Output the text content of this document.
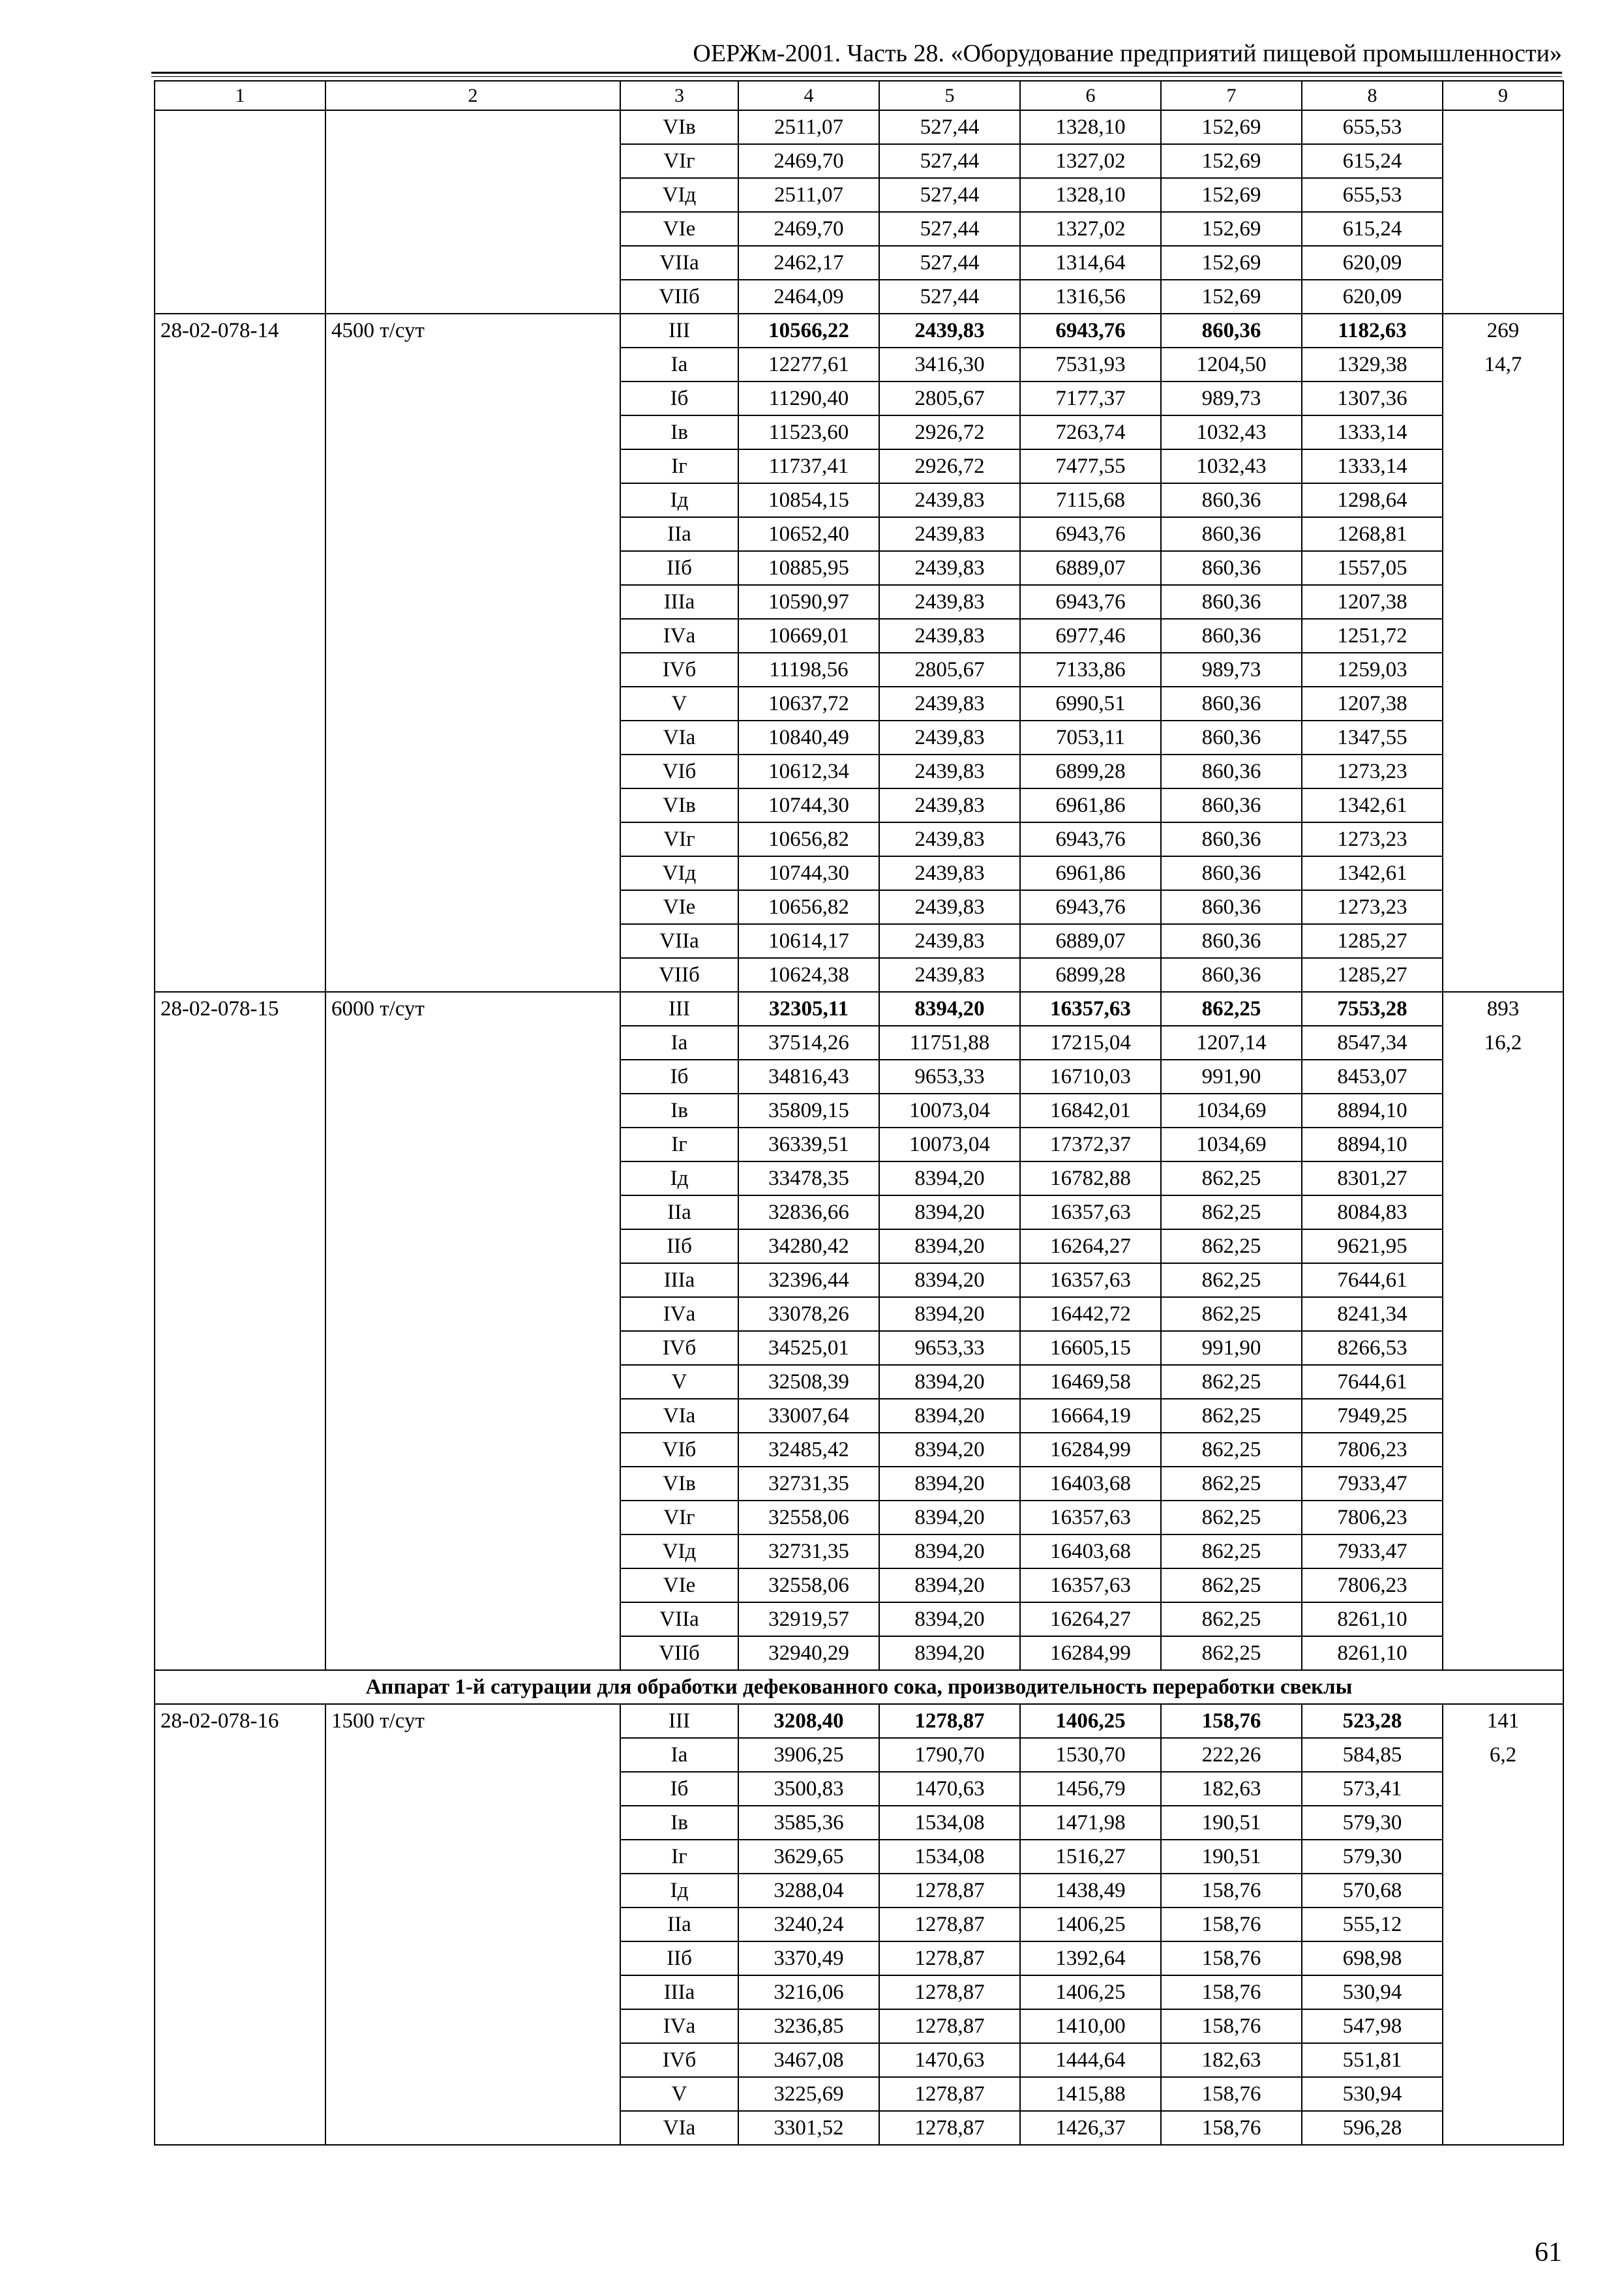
ОЕРЖм-2001. Часть 28. «Оборудование предприятий пищевой промышленности»
1	2	3	4	5	6	7	8	9
		VIв	2511,07	527,44	1328,10	152,69	655,53	
		VIг	2469,70	527,44	1327,02	152,69	615,24	
		VIд	2511,07	527,44	1328,10	152,69	655,53	
		VIе	2469,70	527,44	1327,02	152,69	615,24	
		VIIа	2462,17	527,44	1314,64	152,69	620,09	
		VIIб	2464,09	527,44	1316,56	152,69	620,09	
28-02-078-14	4500 т/сут	III	10566,22	2439,83	6943,76	860,36	1182,63	269
		Iа	12277,61	3416,30	7531,93	1204,50	1329,38	14,7
		Iб	11290,40	2805,67	7177,37	989,73	1307,36	
		Iв	11523,60	2926,72	7263,74	1032,43	1333,14	
		Iг	11737,41	2926,72	7477,55	1032,43	1333,14	
		Iд	10854,15	2439,83	7115,68	860,36	1298,64	
		IIа	10652,40	2439,83	6943,76	860,36	1268,81	
		IIб	10885,95	2439,83	6889,07	860,36	1557,05	
		IIIа	10590,97	2439,83	6943,76	860,36	1207,38	
		IVа	10669,01	2439,83	6977,46	860,36	1251,72	
		IVб	11198,56	2805,67	7133,86	989,73	1259,03	
		V	10637,72	2439,83	6990,51	860,36	1207,38	
		VIа	10840,49	2439,83	7053,11	860,36	1347,55	
		VIб	10612,34	2439,83	6899,28	860,36	1273,23	
		VIв	10744,30	2439,83	6961,86	860,36	1342,61	
		VIг	10656,82	2439,83	6943,76	860,36	1273,23	
		VIд	10744,30	2439,83	6961,86	860,36	1342,61	
		VIе	10656,82	2439,83	6943,76	860,36	1273,23	
		VIIа	10614,17	2439,83	6889,07	860,36	1285,27	
		VIIб	10624,38	2439,83	6899,28	860,36	1285,27	
28-02-078-15	6000 т/сут	III	32305,11	8394,20	16357,63	862,25	7553,28	893
		Iа	37514,26	11751,88	17215,04	1207,14	8547,34	16,2
		Iб	34816,43	9653,33	16710,03	991,90	8453,07	
		Iв	35809,15	10073,04	16842,01	1034,69	8894,10	
		Iг	36339,51	10073,04	17372,37	1034,69	8894,10	
		Iд	33478,35	8394,20	16782,88	862,25	8301,27	
		IIа	32836,66	8394,20	16357,63	862,25	8084,83	
		IIб	34280,42	8394,20	16264,27	862,25	9621,95	
		IIIа	32396,44	8394,20	16357,63	862,25	7644,61	
		IVа	33078,26	8394,20	16442,72	862,25	8241,34	
		IVб	34525,01	9653,33	16605,15	991,90	8266,53	
		V	32508,39	8394,20	16469,58	862,25	7644,61	
		VIа	33007,64	8394,20	16664,19	862,25	7949,25	
		VIб	32485,42	8394,20	16284,99	862,25	7806,23	
		VIв	32731,35	8394,20	16403,68	862,25	7933,47	
		VIг	32558,06	8394,20	16357,63	862,25	7806,23	
		VIд	32731,35	8394,20	16403,68	862,25	7933,47	
		VIе	32558,06	8394,20	16357,63	862,25	7806,23	
		VIIа	32919,57	8394,20	16264,27	862,25	8261,10	
		VIIб	32940,29	8394,20	16284,99	862,25	8261,10	
Аппарат 1-й сатурации для обработки дефекованного сока, производительность переработки свеклы								
28-02-078-16	1500 т/сут	III	3208,40	1278,87	1406,25	158,76	523,28	141
		Iа	3906,25	1790,70	1530,70	222,26	584,85	6,2
		Iб	3500,83	1470,63	1456,79	182,63	573,41	
		Iв	3585,36	1534,08	1471,98	190,51	579,30	
		Iг	3629,65	1534,08	1516,27	190,51	579,30	
		Iд	3288,04	1278,87	1438,49	158,76	570,68	
		IIа	3240,24	1278,87	1406,25	158,76	555,12	
		IIб	3370,49	1278,87	1392,64	158,76	698,98	
		IIIа	3216,06	1278,87	1406,25	158,76	530,94	
		IVа	3236,85	1278,87	1410,00	158,76	547,98	
		IVб	3467,08	1470,63	1444,64	182,63	551,81	
		V	3225,69	1278,87	1415,88	158,76	530,94	
		VIа	3301,52	1278,87	1426,37	158,76	596,28	
61
